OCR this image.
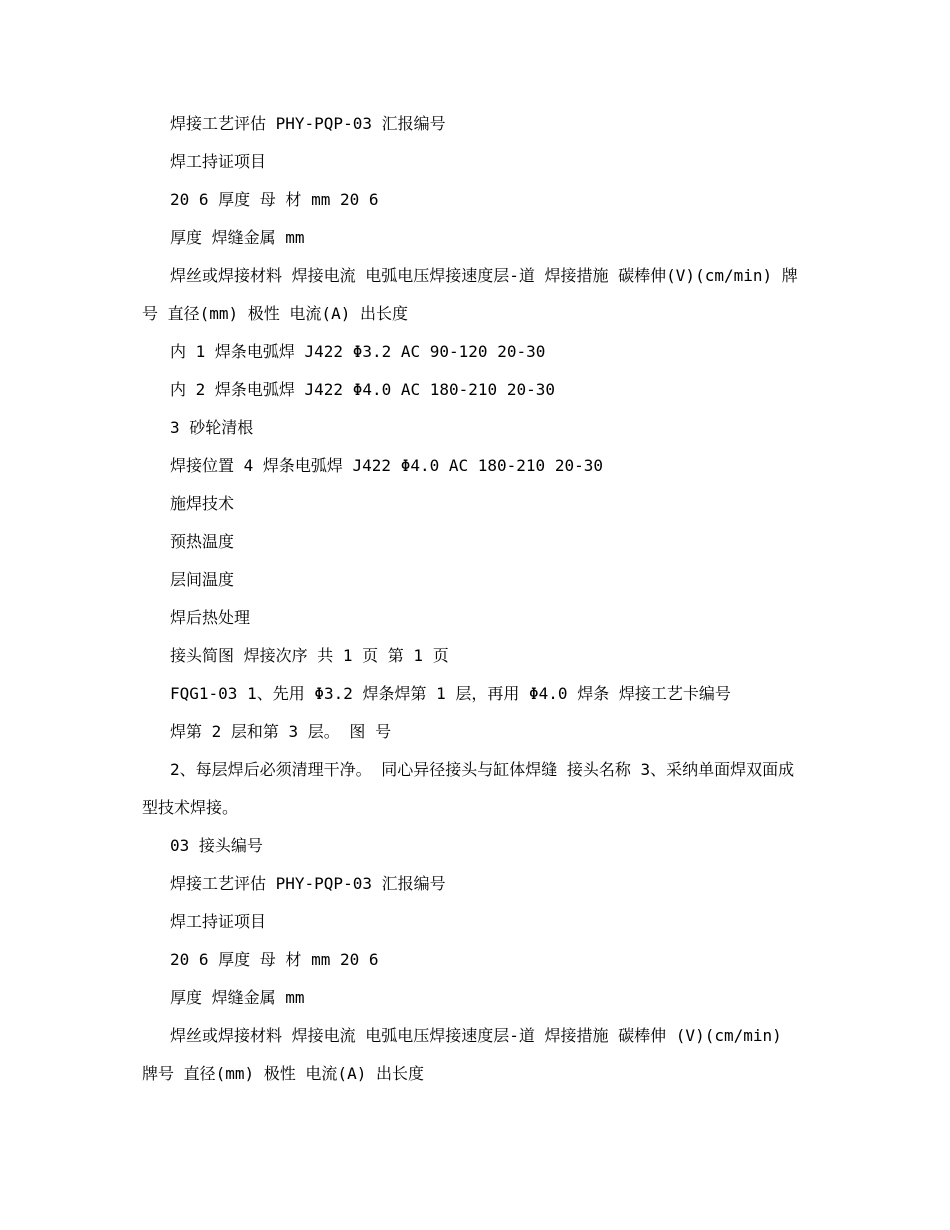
焊接工艺评估 PHY-PQP-03 汇报编号

焊工持证项目

20 6 厚度 母 材 mm 20 6

厚度 焊缝金属 mm

焊丝或焊接材料 焊接电流 电弧电压焊接速度层-道 焊接措施 碳棒伸(V)(cm/min) 牌号 直径(mm) 极性 电流(A) 出长度

内 1 焊条电弧焊 J422 Φ3.2 AC 90-120 20-30

内 2 焊条电弧焊 J422 Φ4.0 AC 180-210 20-30

3 砂轮清根

焊接位置 4 焊条电弧焊 J422 Φ4.0 AC 180-210 20-30

施焊技术

预热温度

层间温度

焊后热处理

接头简图 焊接次序 共 1 页 第 1 页

FQG1-03 1、先用 Φ3.2 焊条焊第 1 层，再用 Φ4.0 焊条 焊接工艺卡编号

焊第 2 层和第 3 层。 图 号

2、每层焊后必须清理干净。 同心异径接头与缸体焊缝 接头名称 3、采纳单面焊双面成型技术焊接。

03 接头编号

焊接工艺评估 PHY-PQP-03 汇报编号

焊工持证项目

20 6 厚度 母 材 mm 20 6

厚度 焊缝金属 mm

焊丝或焊接材料 焊接电流 电弧电压焊接速度层-道 焊接措施 碳棒伸 (V)(cm/min) 牌号 直径(mm) 极性 电流(A) 出长度
